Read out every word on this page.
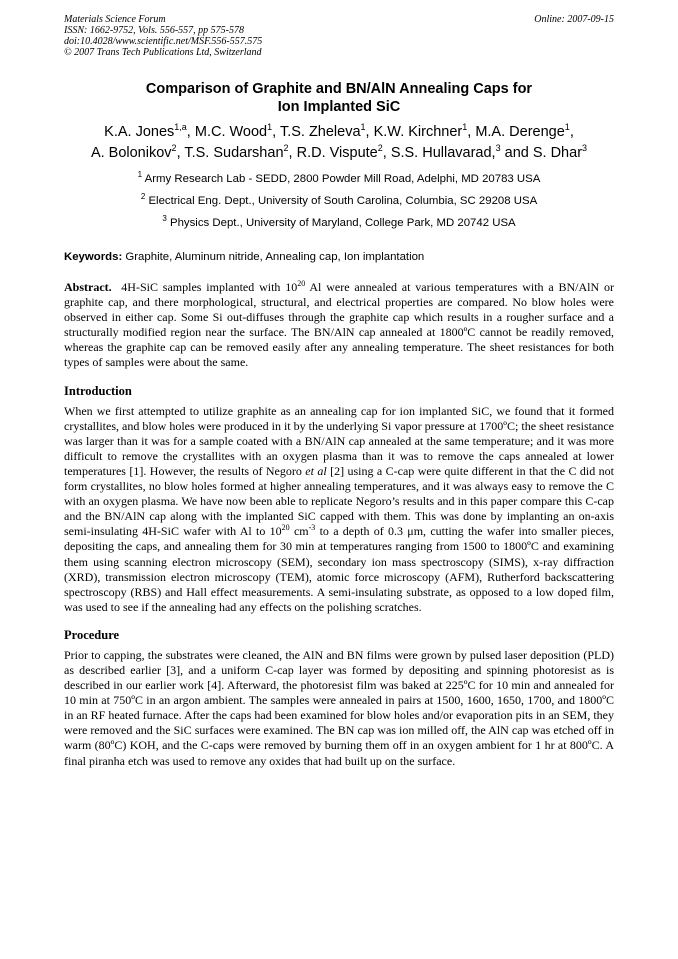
Materials Science Forum
ISSN: 1662-9752, Vols. 556-557, pp 575-578
doi:10.4028/www.scientific.net/MSF.556-557.575
© 2007 Trans Tech Publications Ltd, Switzerland
Online: 2007-09-15
Comparison of Graphite and BN/AlN Annealing Caps for
Ion Implanted SiC
K.A. Jones$^{1,a}$, M.C. Wood$^1$, T.S. Zheleva$^1$, K.W. Kirchner$^1$, M.A. Derenge$^1$,
A. Bolonikov$^2$, T.S. Sudarshan$^2$, R.D. Vispute$^2$, S.S. Hullavarad,$^3$ and S. Dhar$^3$
$^1$ Army Research Lab - SEDD, 2800 Powder Mill Road, Adelphi, MD 20783 USA
$^2$ Electrical Eng. Dept., University of South Carolina, Columbia, SC 29208 USA
$^3$ Physics Dept., University of Maryland, College Park, MD 20742 USA
Keywords: Graphite, Aluminum nitride, Annealing cap, Ion implantation
Abstract. 4H-SiC samples implanted with $10^{20}$ Al were annealed at various temperatures with a BN/AlN or graphite cap, and there morphological, structural, and electrical properties are compared. No blow holes were observed in either cap. Some Si out-diffuses through the graphite cap which results in a rougher surface and a structurally modified region near the surface. The BN/AlN cap annealed at 1800ºC cannot be readily removed, whereas the graphite cap can be removed easily after any annealing temperature. The sheet resistances for both types of samples were about the same.
Introduction
When we first attempted to utilize graphite as an annealing cap for ion implanted SiC, we found that it formed crystallites, and blow holes were produced in it by the underlying Si vapor pressure at 1700ºC; the sheet resistance was larger than it was for a sample coated with a BN/AlN cap annealed at the same temperature; and it was more difficult to remove the crystallites with an oxygen plasma than it was to remove the caps annealed at lower temperatures [1]. However, the results of Negoro et al [2] using a C-cap were quite different in that the C did not form crystallites, no blow holes formed at higher annealing temperatures, and it was always easy to remove the C with an oxygen plasma. We have now been able to replicate Negoro’s results and in this paper compare this C-cap and the BN/AlN cap along with the implanted SiC capped with them. This was done by implanting an on-axis semi-insulating 4H-SiC wafer with Al to $10^{20}$ $cm^{-3}$ to a depth of 0.3 μm, cutting the wafer into smaller pieces, depositing the caps, and annealing them for 30 min at temperatures ranging from 1500 to 1800ºC and examining them using scanning electron microscopy (SEM), secondary ion mass spectroscopy (SIMS), x-ray diffraction (XRD), transmission electron microscopy (TEM), atomic force microscopy (AFM), Rutherford backscattering spectroscopy (RBS) and Hall effect measurements. A semi-insulating substrate, as opposed to a low doped film, was used to see if the annealing had any effects on the polishing scratches.
Procedure
Prior to capping, the substrates were cleaned, the AlN and BN films were grown by pulsed laser deposition (PLD) as described earlier [3], and a uniform C-cap layer was formed by depositing and spinning photoresist as is described in our earlier work [4]. Afterward, the photoresist film was baked at 225ºC for 10 min and annealed for 10 min at 750ºC in an argon ambient. The samples were annealed in pairs at 1500, 1600, 1650, 1700, and 1800ºC in an RF heated furnace. After the caps had been examined for blow holes and/or evaporation pits in an SEM, they were removed and the SiC surfaces were examined. The BN cap was ion milled off, the AlN cap was etched off in warm (80ºC) KOH, and the C-caps were removed by burning them off in an oxygen ambient for 1 hr at 800ºC. A final piranha etch was used to remove any oxides that had built up on the surface.
